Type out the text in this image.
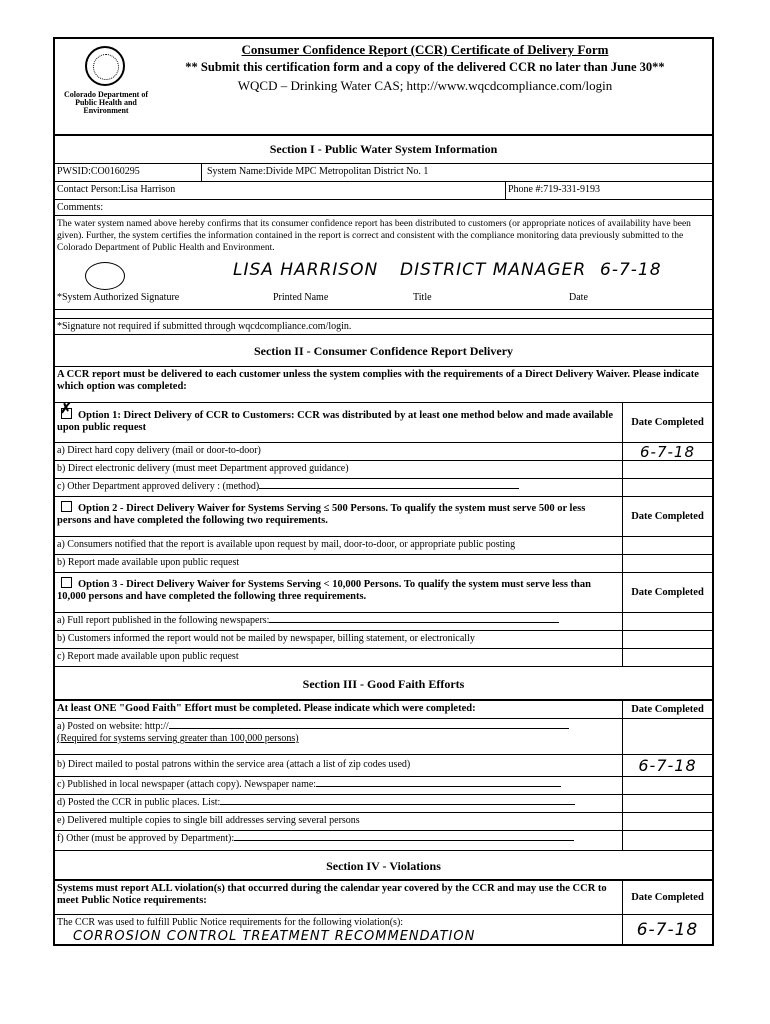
Colorado Department of Public Health and Environment
Consumer Confidence Report (CCR) Certificate of Delivery Form
** Submit this certification form and a copy of the delivered CCR no later than June 30**
WQCD – Drinking Water CAS; http://www.wqcdcompliance.com/login
Section I - Public Water System Information
PWSID:CO0160295	System Name:Divide MPC Metropolitan District No. 1
Contact Person:Lisa Harrison	Phone #:719-331-9193
Comments:
The water system named above hereby confirms that its consumer confidence report has been distributed to customers (or appropriate notices of availability have been given). Further, the system certifies the information contained in the report is correct and consistent with the compliance monitoring data previously submitted to the Colorado Department of Public Health and Environment.
LISA HARRISON DISTRICT MANAGER 6-7-18
*System Authorized Signature	Printed Name	Title	Date
*Signature not required if submitted through wqcdcompliance.com/login.
Section II - Consumer Confidence Report Delivery
A CCR report must be delivered to each customer unless the system complies with the requirements of a Direct Delivery Waiver. Please indicate which option was completed:
✗ Option 1: Direct Delivery of CCR to Customers: CCR was distributed by at least one method below and made available upon public request	Date Completed
a) Direct hard copy delivery (mail or door-to-door)	6-7-18
b) Direct electronic delivery (must meet Department approved guidance)
c) Other Department approved delivery : (method)
Option 2 - Direct Delivery Waiver for Systems Serving ≤ 500 Persons. To qualify the system must serve 500 or less persons and have completed the following two requirements.	Date Completed
a) Consumers notified that the report is available upon request by mail, door-to-door, or appropriate public posting
b) Report made available upon public request
Option 3 - Direct Delivery Waiver for Systems Serving < 10,000 Persons. To qualify the system must serve less than 10,000 persons and have completed the following three requirements.	Date Completed
a) Full report published in the following newspapers:
b) Customers informed the report would not be mailed by newspaper, billing statement, or electronically
c) Report made available upon public request
Section III - Good Faith Efforts
At least ONE "Good Faith" Effort must be completed. Please indicate which were completed:	Date Completed
a) Posted on website: http://
(Required for systems serving greater than 100,000 persons)
b) Direct mailed to postal patrons within the service area (attach a list of zip codes used)	6-7-18
c) Published in local newspaper (attach copy). Newspaper name:
d) Posted the CCR in public places. List:
e) Delivered multiple copies to single bill addresses serving several persons
f) Other (must be approved by Department):
Section IV - Violations
Systems must report ALL violation(s) that occurred during the calendar year covered by the CCR and may use the CCR to meet Public Notice requirements:	Date Completed
The CCR was used to fulfill Public Notice requirements for the following violation(s):
CORROSION CONTROL TREATMENT RECOMMENDATION	6-7-18
